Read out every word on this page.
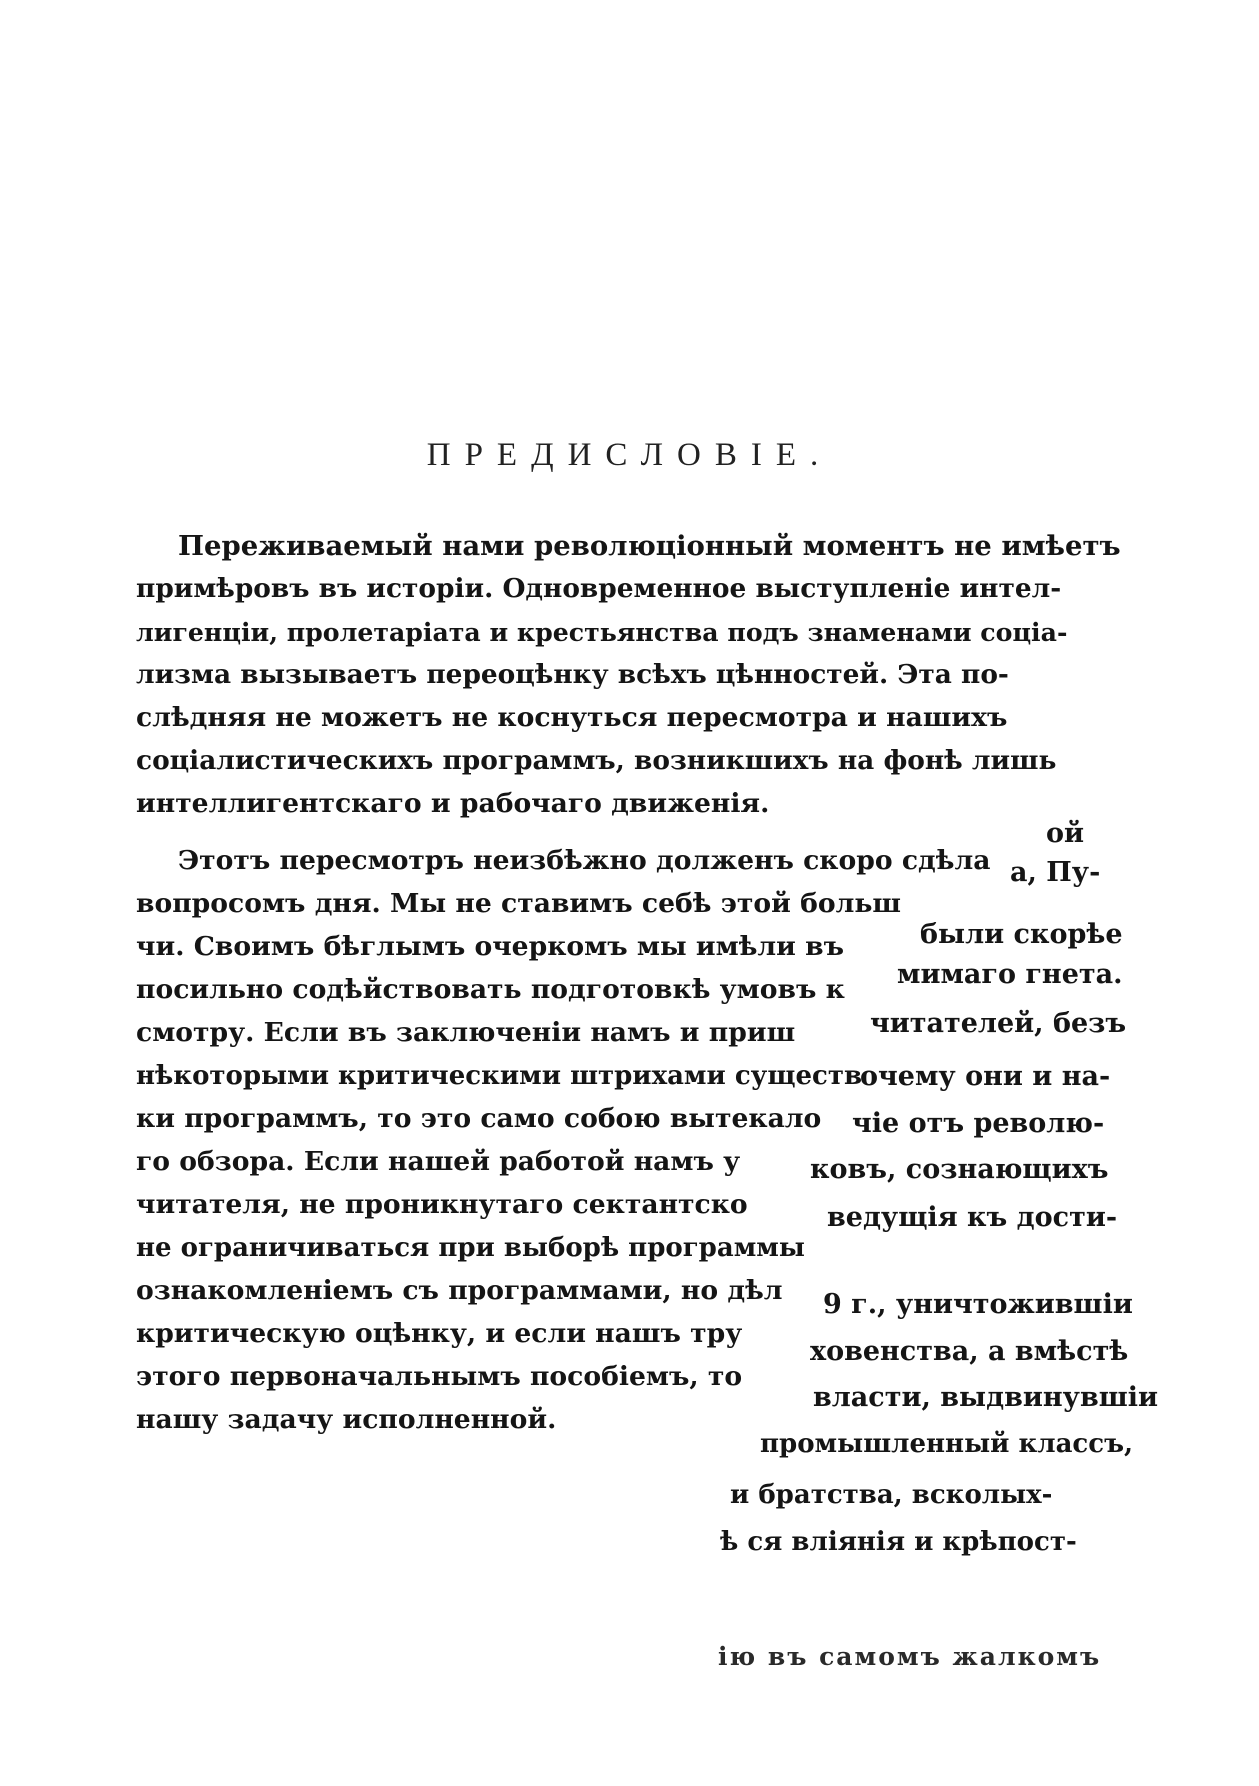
ПРЕДИСЛОВІЕ.
Переживаемый нами революціонный моментъ не имѣетъ
примѣровъ въ исторіи. Одновременное выступленіе интел-
лигенціи, пролетаріата и крестьянства подъ знаменами соціа-
лизма вызываетъ переоцѣнку всѣхъ цѣнностей. Эта по-
слѣдняя не можетъ не коснуться пересмотра и нашихъ
соціалистическихъ программъ, возникшихъ на фонѣ лишь
интеллигентскаго и рабочаго движенія.
Этотъ пересмотръ неизбѣжно долженъ скоро сдѣла
вопросомъ дня. Мы не ставимъ себѣ этой больш
чи. Своимъ бѣглымъ очеркомъ мы имѣли въ
посильно содѣйствовать подготовкѣ умовъ к
смотру. Если въ заключеніи намъ и приш
нѣкоторыми критическими штрихами существ
ки программъ, то это само собою вытекало
го обзора. Если нашей работой намъ у
читателя, не проникнутаго сектантско
не ограничиваться при выборѣ программы
ознакомленіемъ съ программами, но дѣл
критическую оцѣнку, и если нашъ тру
этого первоначальнымъ пособіемъ, то
нашу задачу исполненной.
ой
а, Пу-
были скорѣе
мимаго гнета.
читателей, безъ
очему они и на-
чіе отъ револю-
ковъ, сознающихъ
ведущія къ дости-
9 г., уничтожившіи
ховенства, а вмѣстѣ
власти, выдвинувшіи
промышленный классъ,
и братства, всколых-
ѣ ся вліянія и крѣпост-
ію въ самомъ жалкомъ
